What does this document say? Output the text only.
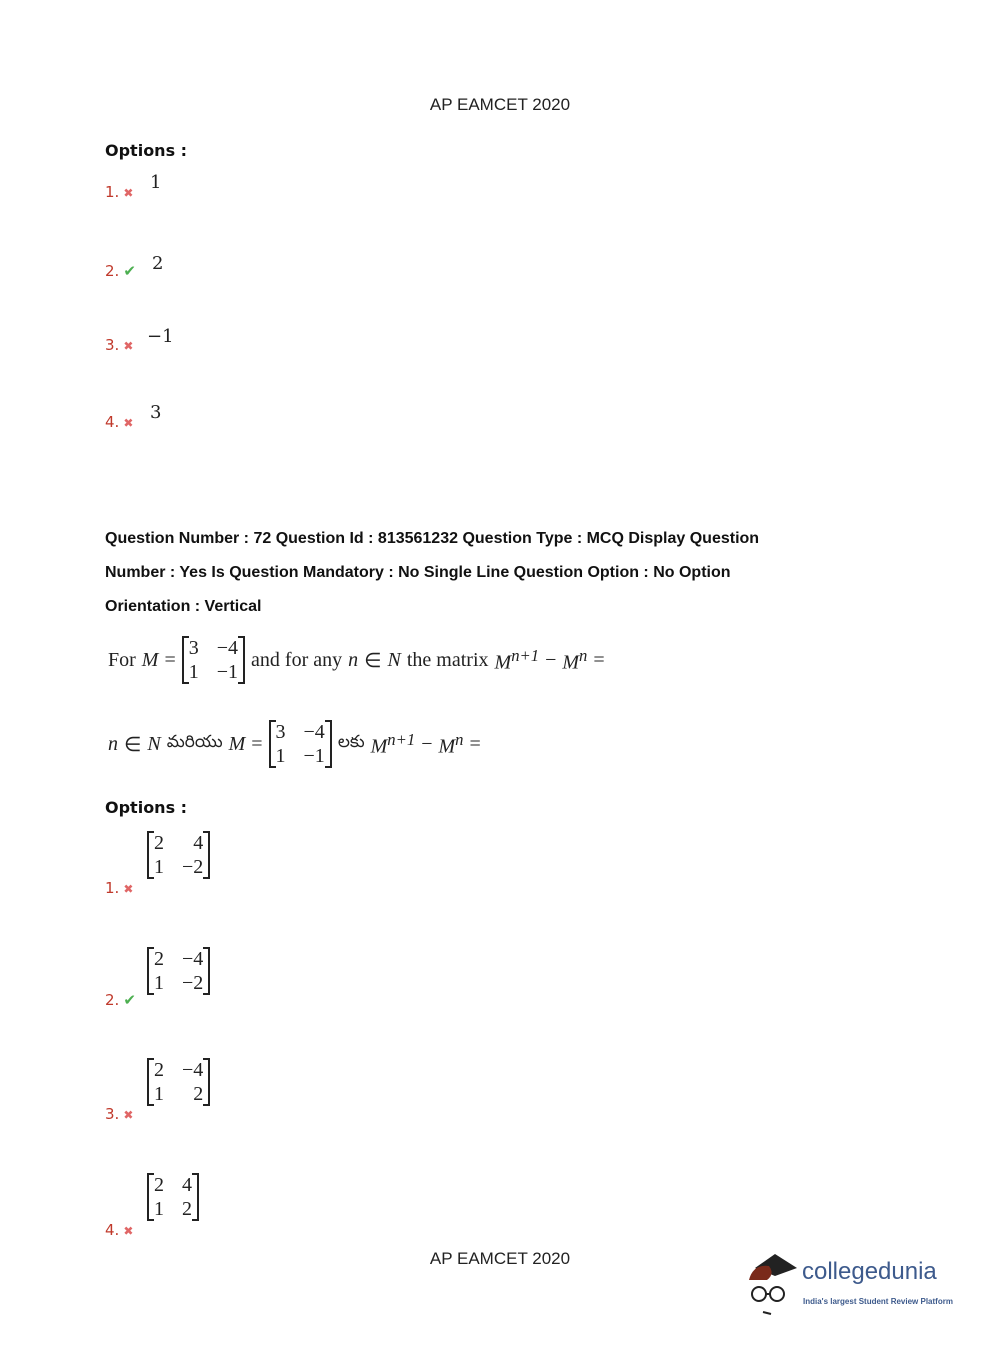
AP EAMCET 2020
Options :
1. ✖ 1
2. ✔ 2
3. ✖ −1
4. ✖ 3
Question Number : 72 Question Id : 813561232 Question Type : MCQ Display Question
Number : Yes Is Question Mandatory : No Single Line Question Option : No Option
Orientation : Vertical
For M =
3 −4
1 −1
and for any n ∈ N the matrix $M^{n+1} - M^n$ =
n ∈ N మరియు M =
3 −4
1 −1
లకు $M^{n+1} - M^n$ =
Options :
1. ✖
2	4
1 −2
2. ✔
2 −4
1 −2
3. ✖
2 −4
1	2
4. ✖
2 4
1 2
AP EAMCET 2020	collegedunia
India's largest Student Review Platform
